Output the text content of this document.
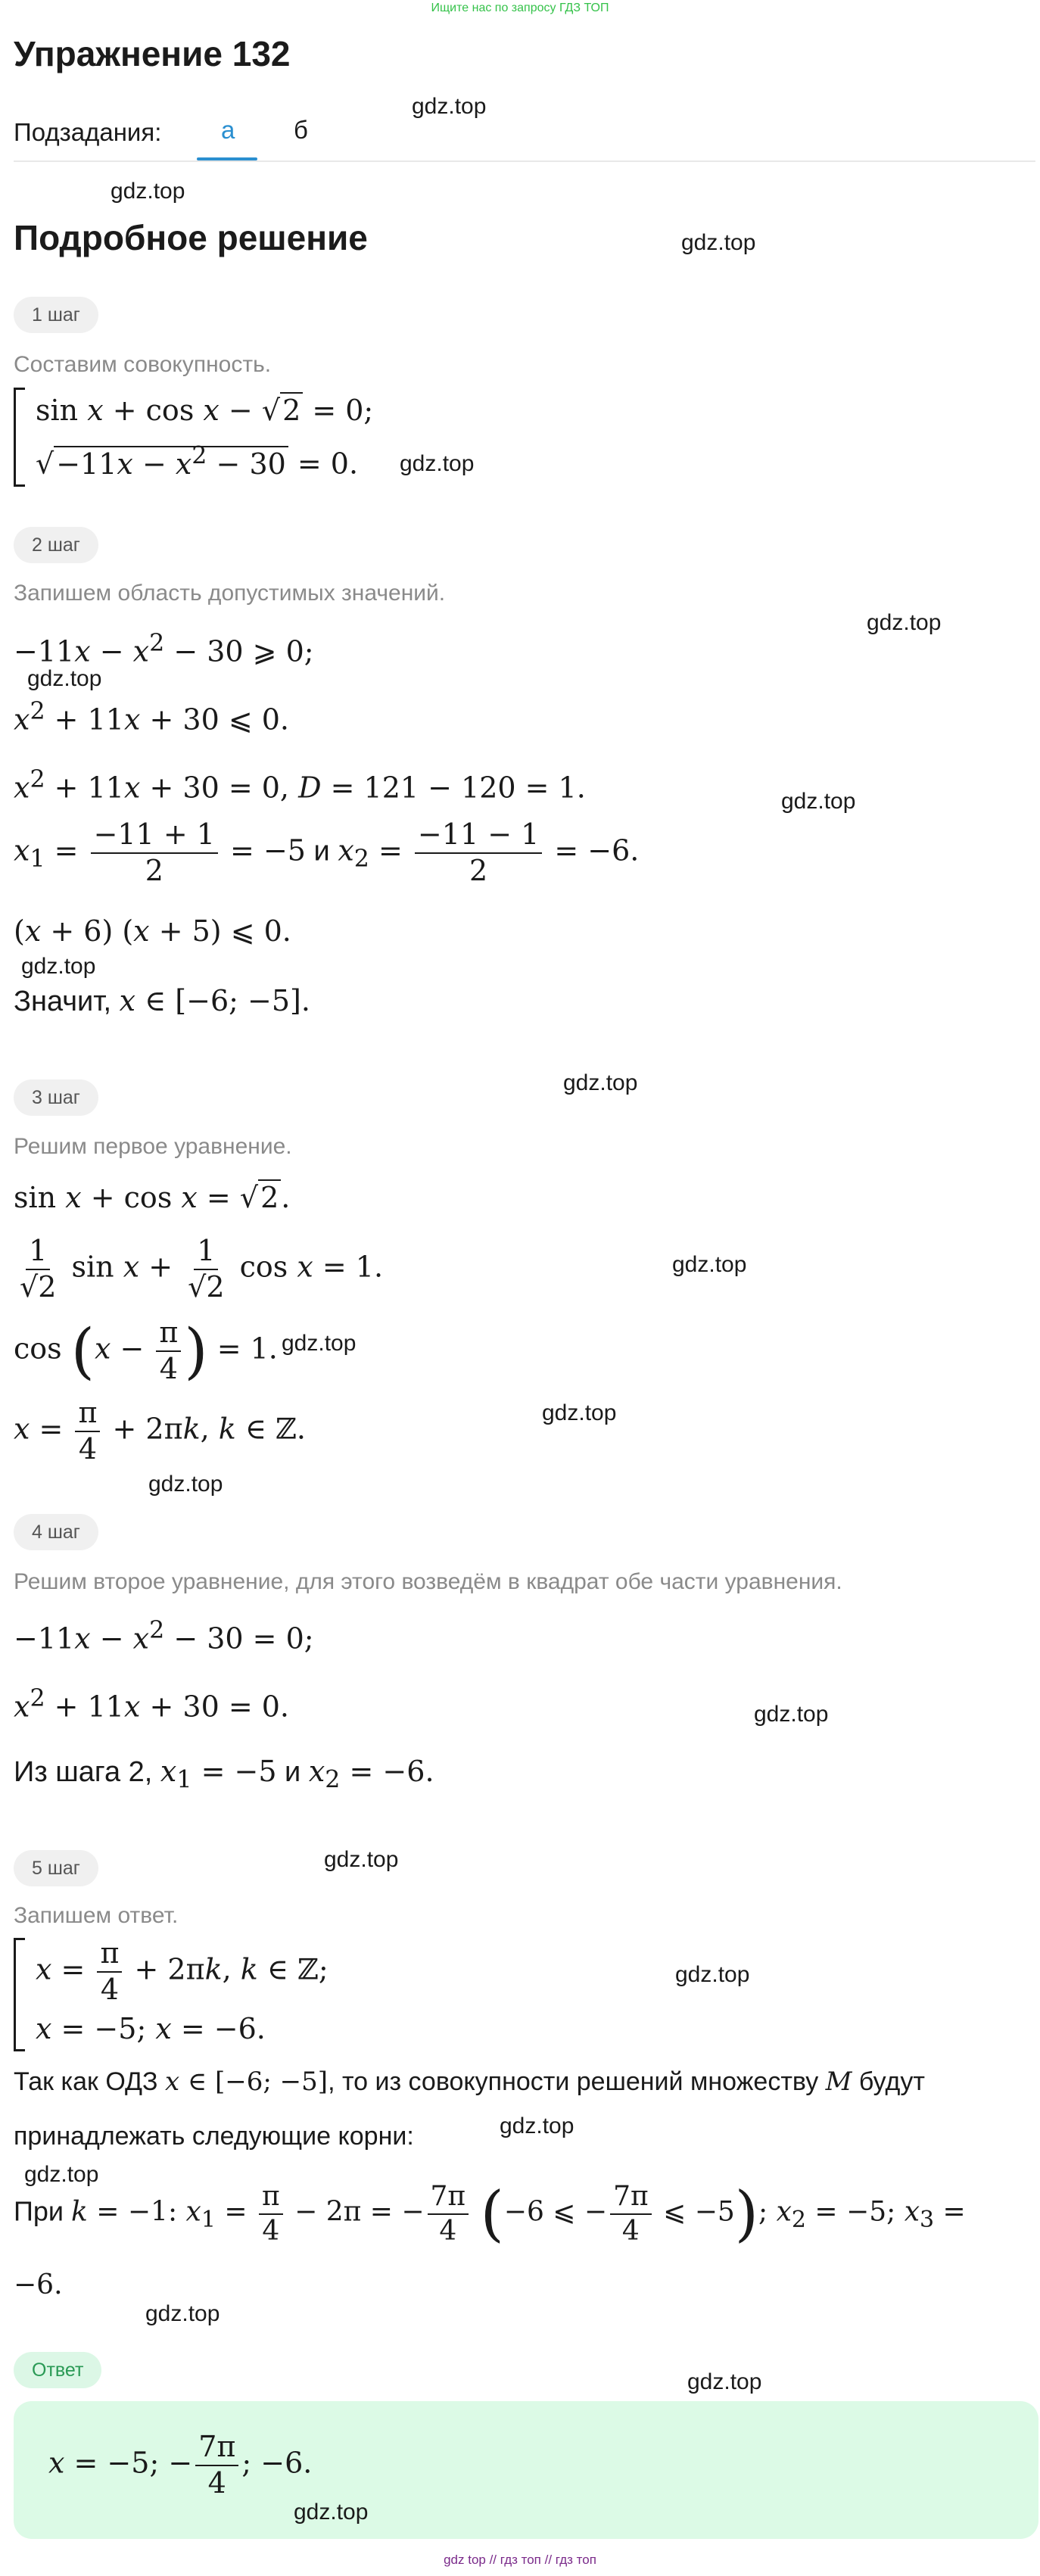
Ищите нас по запросу ГДЗ ТОП
Упражнение 132
Подзадания: а б
gdz.top
gdz.top
Подробное решение	gdz.top
1 шаг
Составим совокупность.
sin x + cos x − √2 = 0;
$√-11x - x^2 - 30 = 0$.	gdz.top
2 шаг
Запишем область допустимых значений.
gdz.top
$-11x - x^2 - 30$ ⩾ 0;
gdz.top
$x^2 + 11x + 30$ ⩽ 0.
$x^2 + 11x + 30 = 0$, D = 121 − 120 = 1.	gdz.top
$x_1 = \frac{-11 + 1}{2} = -5$ и $x_2 = \frac{-11 - 1}{2} = -6$.
(x + 6) (x + 5) ⩽ 0.
gdz.top
Значит, x ∈ [−6; −5].
gdz.top
3 шаг
Решим первое уравнение.
sin x + cos x = √2.
$\frac{1}{√2}$ $\sin x + \frac{1}{√2}$ cos x = 1.	gdz.top
$\cos (x - \frac{\pi}{4}$ ) = 1. gdz.top
gdz.top
$x = \frac{\pi}{4} + 2\pi k$, k ∈ ℤ.
gdz.top
4 шаг
Решим второе уравнение, для этого возведём в квадрат обе части уравнения.
$-11x - x^2 - 30 = 0$;
$x^2 + 11x + 30 = 0$.	gdz.top
Из шага 2, $x_1 = -5$ и $x_2 = -6$.
gdz.top
5 шаг
Запишем ответ.
$x = \frac{\pi}{4} + 2\pi k$, k ∈ ℤ;
x = −5; x = −6.
gdz.top
Так как ОДЗ x ∈ [−6; −5], то из совокупности решений множеству M будут
принадлежать следующие корни:	gdz.top
gdz.top
При k = −1: $x_1 = \frac{\pi}{4} - 2\pi$ = − $\frac{7\pi}{4} (-6$ ⩽ − $\frac{7\pi}{4}$ ⩽ −5); $x_2 = -5$; $x_3$ =
−6.
gdz.top
Ответ	gdz.top
x = −5; − $\frac{7\pi}{4}$ ; −6.
gdz.top
gdz top // гдз топ // гдз топ
